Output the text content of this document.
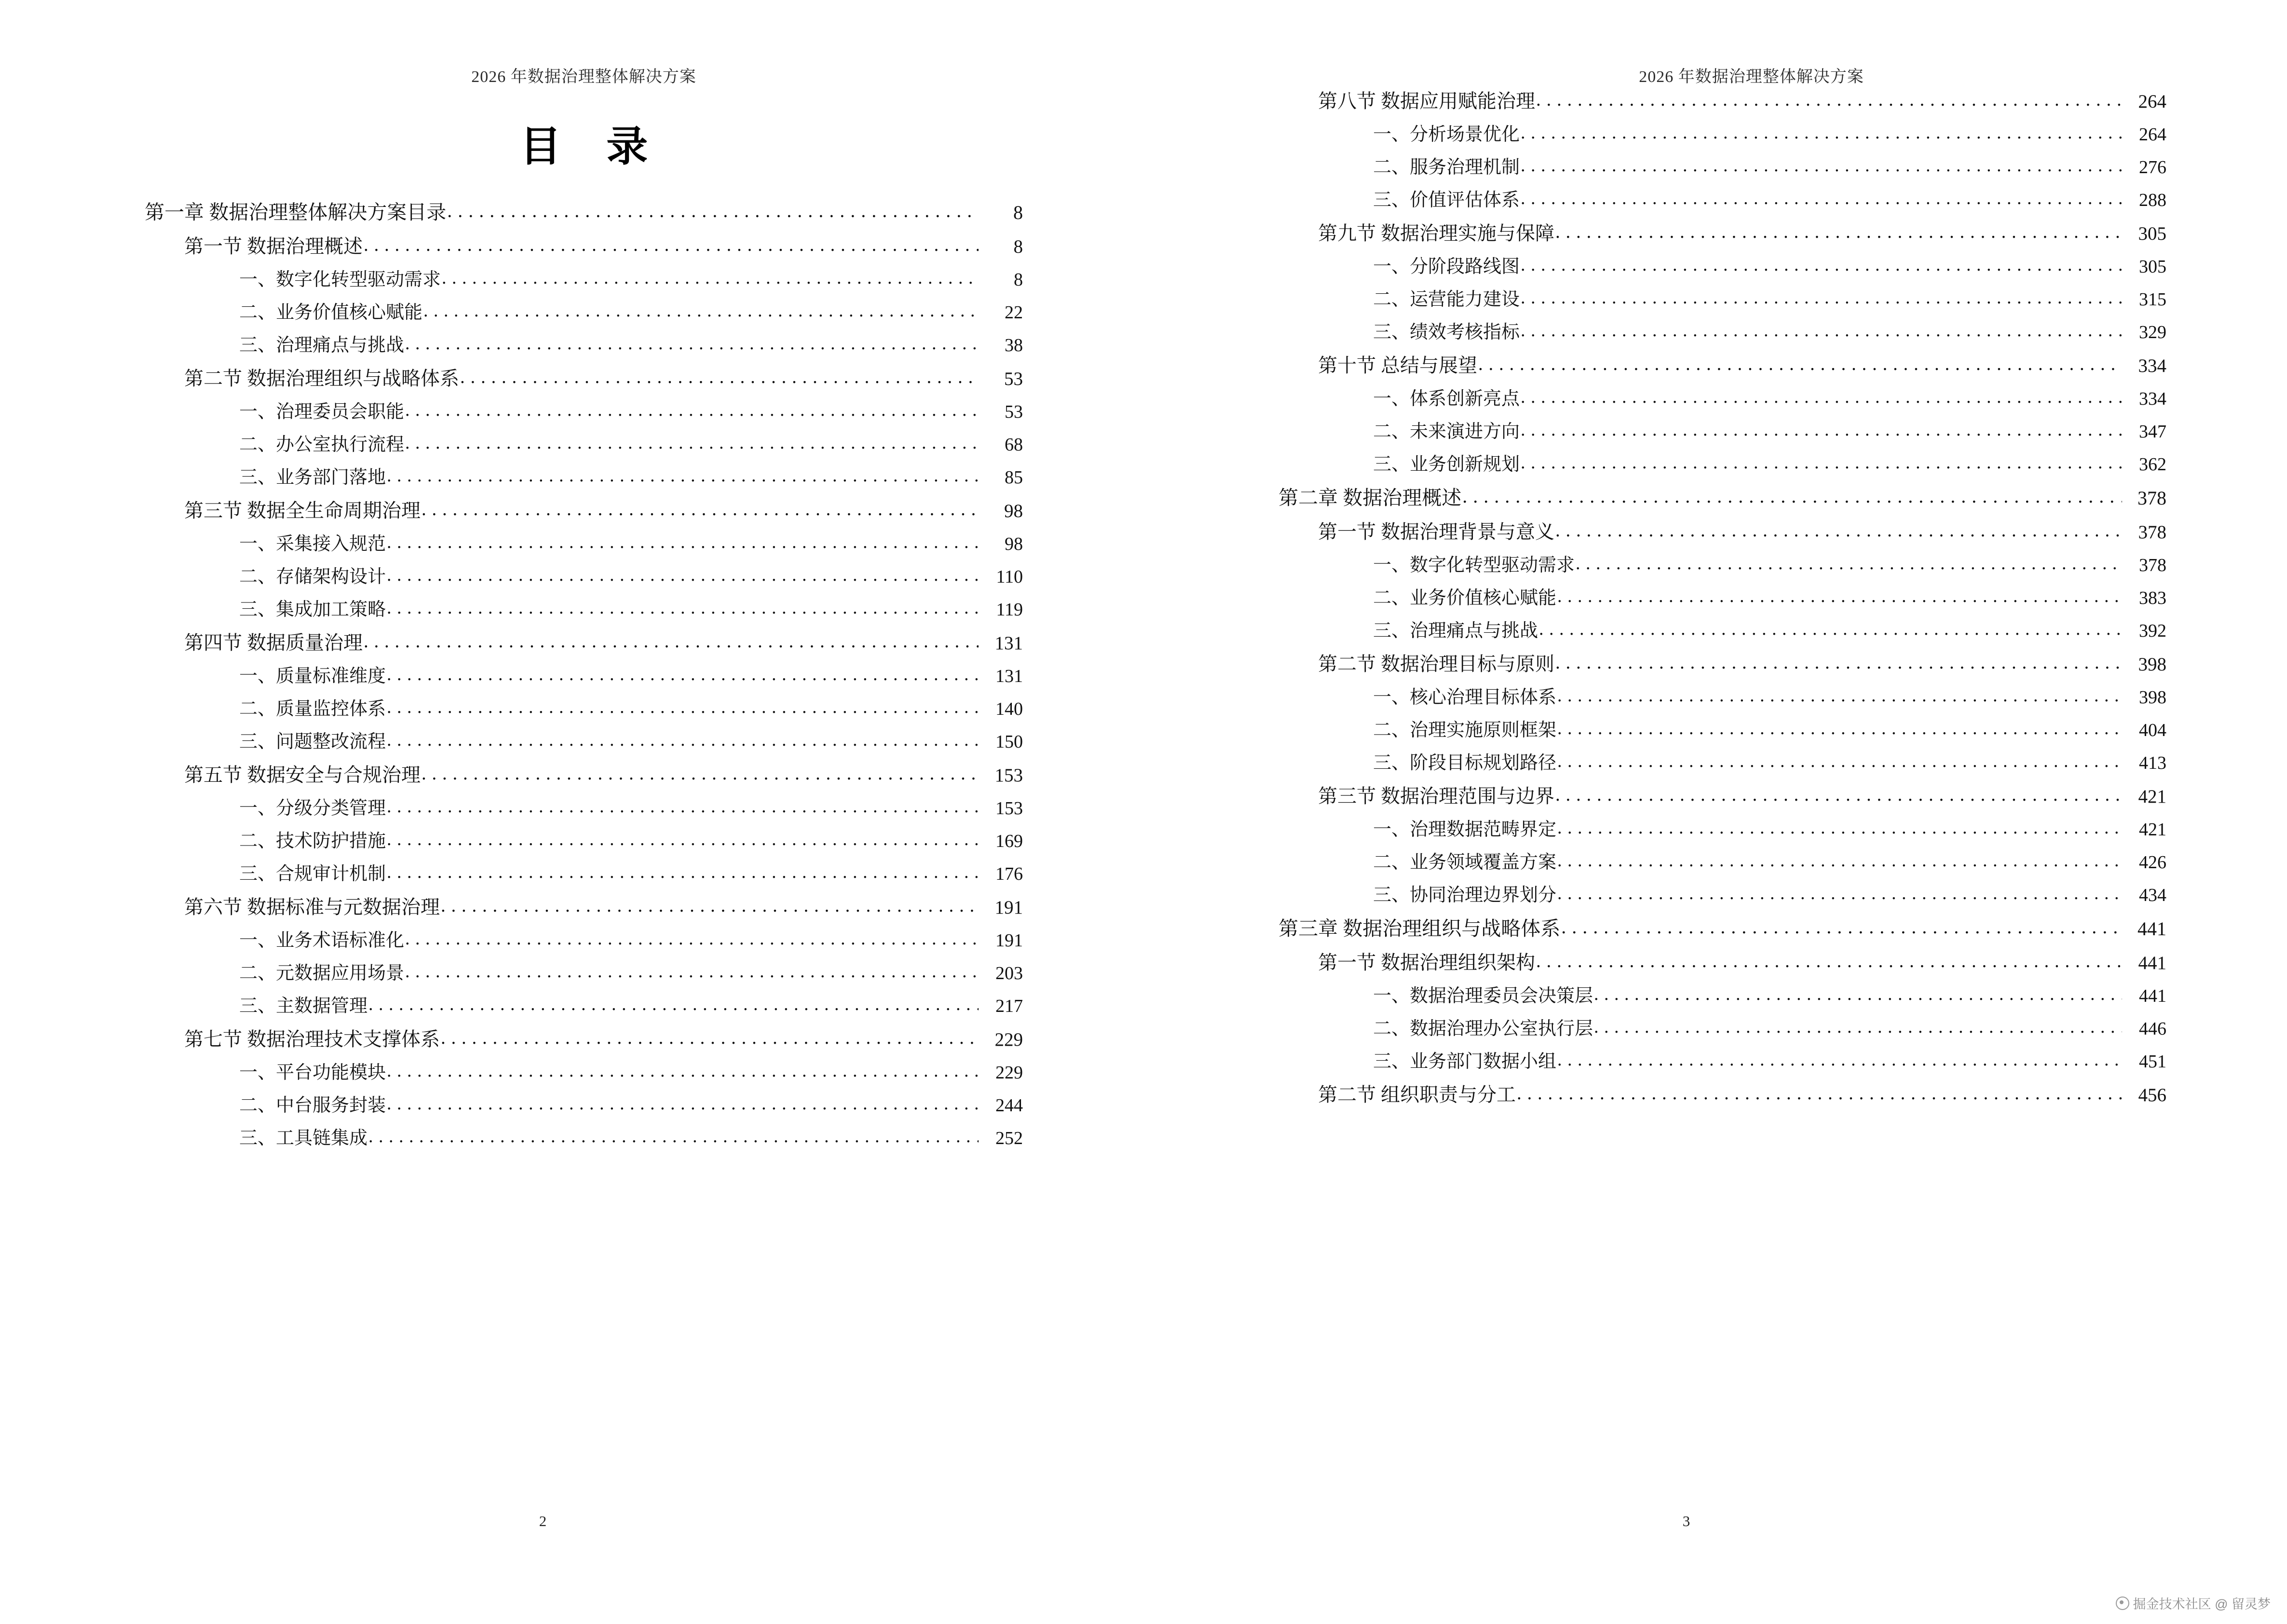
2026 年数据治理整体解决方案
目 录
第一章 数据治理整体解决方案目录 . . .	8
第一节 数据治理概述 . . .	8
一、数字化转型驱动需求 . . .	8
二、业务价值核心赋能 . . .	22
三、治理痛点与挑战 . . .	38
第二节 数据治理组织与战略体系 . . .	53
一、治理委员会职能 . . .	53
二、办公室执行流程 . . .	68
三、业务部门落地 . . .	85
第三节 数据全生命周期治理 . . .	98
一、采集接入规范 . . .	98
二、存储架构设计 . . .	110
三、集成加工策略 . . .	119
第四节 数据质量治理 . . .	131
一、质量标准维度 . . .	131
二、质量监控体系 . . .	140
三、问题整改流程 . . .	150
第五节 数据安全与合规治理 . . .	153
一、分级分类管理 . . .	153
二、技术防护措施 . . .	169
三、合规审计机制 . . .	176
第六节 数据标准与元数据治理 . . .	191
一、业务术语标准化 . . .	191
二、元数据应用场景 . . .	203
三、主数据管理 . . .	217
第七节 数据治理技术支撑体系 . . .	229
一、平台功能模块 . . .	229
二、中台服务封装 . . .	244
三、工具链集成 . . .	252
2
2026 年数据治理整体解决方案
第八节 数据应用赋能治理 . . .	264
一、分析场景优化 . . .	264
二、服务治理机制 . . .	276
三、价值评估体系 . . .	288
第九节 数据治理实施与保障 . . .	305
一、分阶段路线图 . . .	305
二、运营能力建设 . . .	315
三、绩效考核指标 . . .	329
第十节 总结与展望 . . .	334
一、体系创新亮点 . . .	334
二、未来演进方向 . . .	347
三、业务创新规划 . . .	362
第二章 数据治理概述 . . .	378
第一节 数据治理背景与意义 . . .	378
一、数字化转型驱动需求 . . .	378
二、业务价值核心赋能 . . .	383
三、治理痛点与挑战 . . .	392
第二节 数据治理目标与原则 . . .	398
一、核心治理目标体系 . . .	398
二、治理实施原则框架 . . .	404
三、阶段目标规划路径 . . .	413
第三节 数据治理范围与边界 . . .	421
一、治理数据范畴界定 . . .	421
二、业务领域覆盖方案 . . .	426
三、协同治理边界划分 . . .	434
第三章 数据治理组织与战略体系 . . .	441
第一节 数据治理组织架构 . . .	441
一、数据治理委员会决策层 . . .	441
二、数据治理办公室执行层 . . .	446
三、业务部门数据小组 . . .	451
第二节 组织职责与分工 . . .	456
3
掘金技术社区 @ 留灵梦
